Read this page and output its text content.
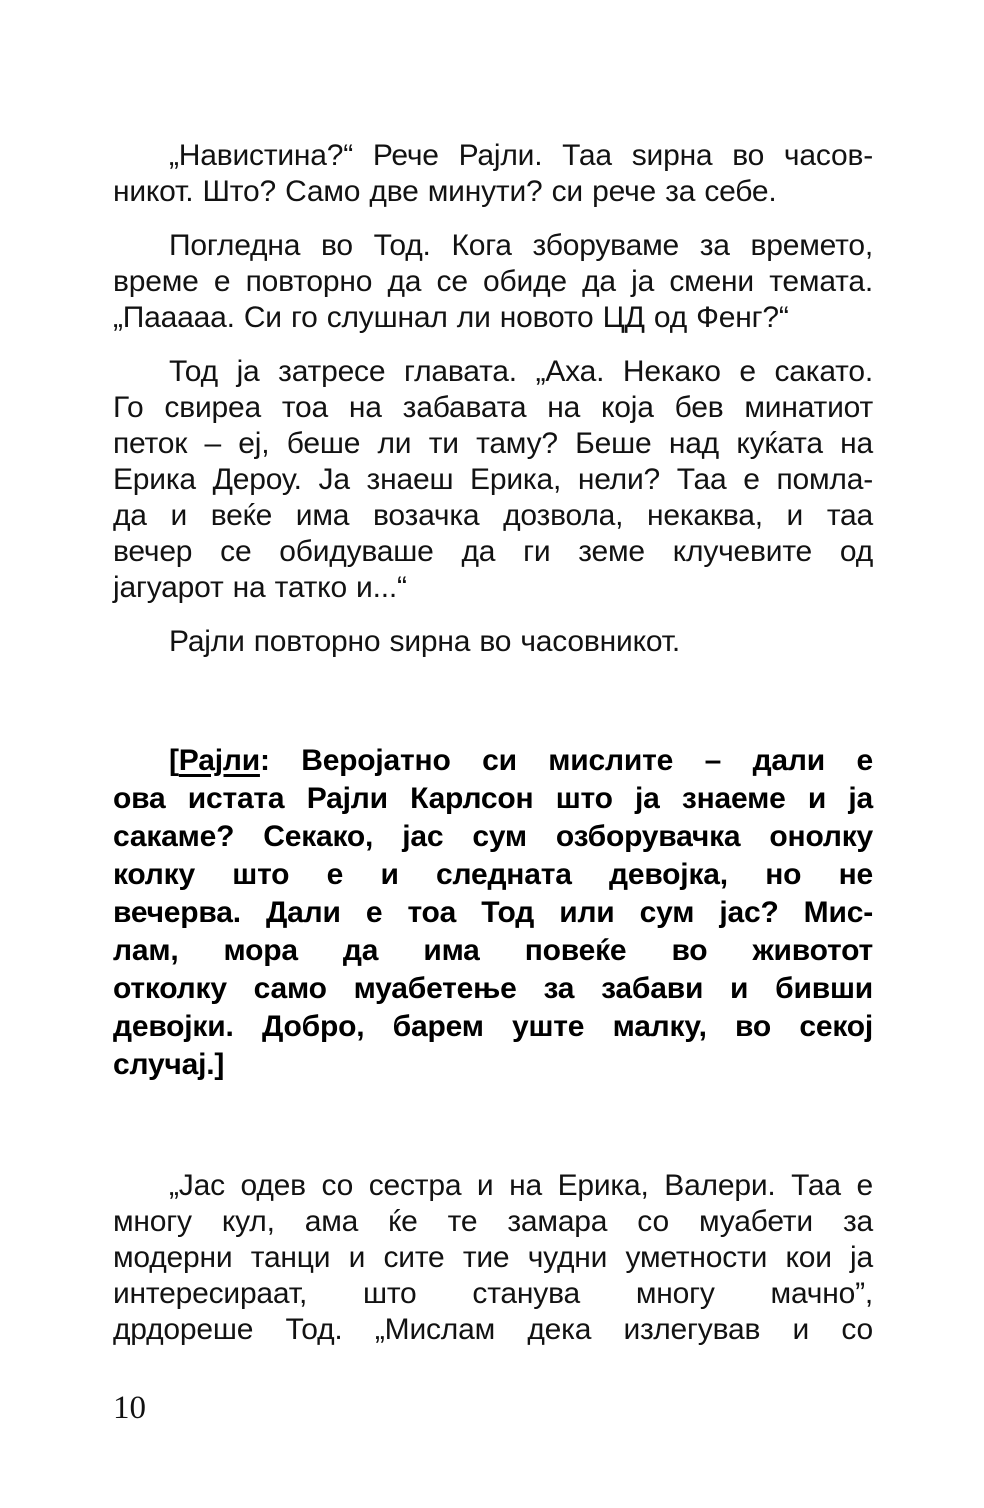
„Навистина?“ Рече Рајли. Таа ѕирна во часов-
никот. Што? Само две минути? си рече за себе.
Погледна во Тод. Кога зборуваме за времето,
време е повторно да се обиде да ја смени темата.
„Пааааа. Си го слушнал ли новото ЦД од Фенг?“
Тод ја затресе главата. „Аха. Некако е сакато.
Го свиреа тоа на забавата на која бев минатиот
петок – еј, беше ли ти таму? Беше над куќата на
Ерика Дероу. Ја знаеш Ерика, нели? Таа е помла-
да и веќе има возачка дозвола, некаква, и таа
вечер се обидуваше да ги земе клучевите од
јагуарот на татко и...“
Рајли повторно ѕирна во часовникот.
[Рајли: Веројатно си мислите – дали е
ова истата Рајли Карлсон што ја знаеме и ја
сакаме? Секако, јас сум озборувачка онолку
колку што е и следната девојка, но не
вечерва. Дали е тоа Тод или сум јас? Мис-
лам, мора да има повеќе во животот
отколку само муабетење за забави и бивши
девојки. Добро, барем уште малку, во секој
случај.]
„Јас одев со сестра и на Ерика, Валери. Таа е
многу кул, ама ќе те замара со муабети за
модерни танци и сите тие чудни уметности кои ја
интересираат, што станува многу мачно”,
дрдореше Тод. „Мислам дека излегував и со
10
